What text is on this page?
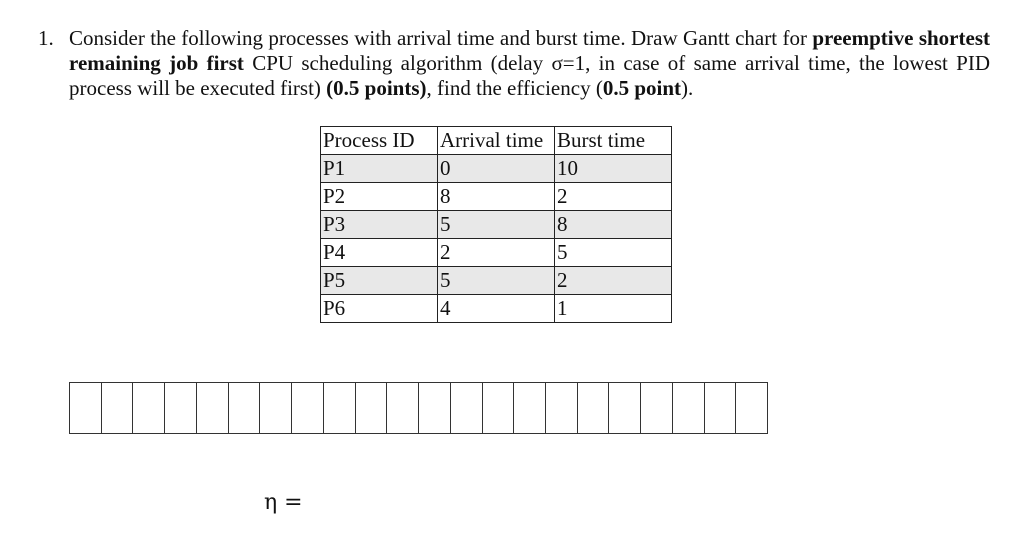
1. Consider the following processes with arrival time and burst time. Draw Gantt chart for preemptive shortest remaining job first CPU scheduling algorithm (delay σ=1, in case of same arrival time, the lowest PID process will be executed first) (0.5 points), find the efficiency (0.5 point).
Process ID	Arrival time	Burst time
P1	0	10
P2	8	2
P3	5	8
P4	2	5
P5	5	2
P6	4	1
η =
